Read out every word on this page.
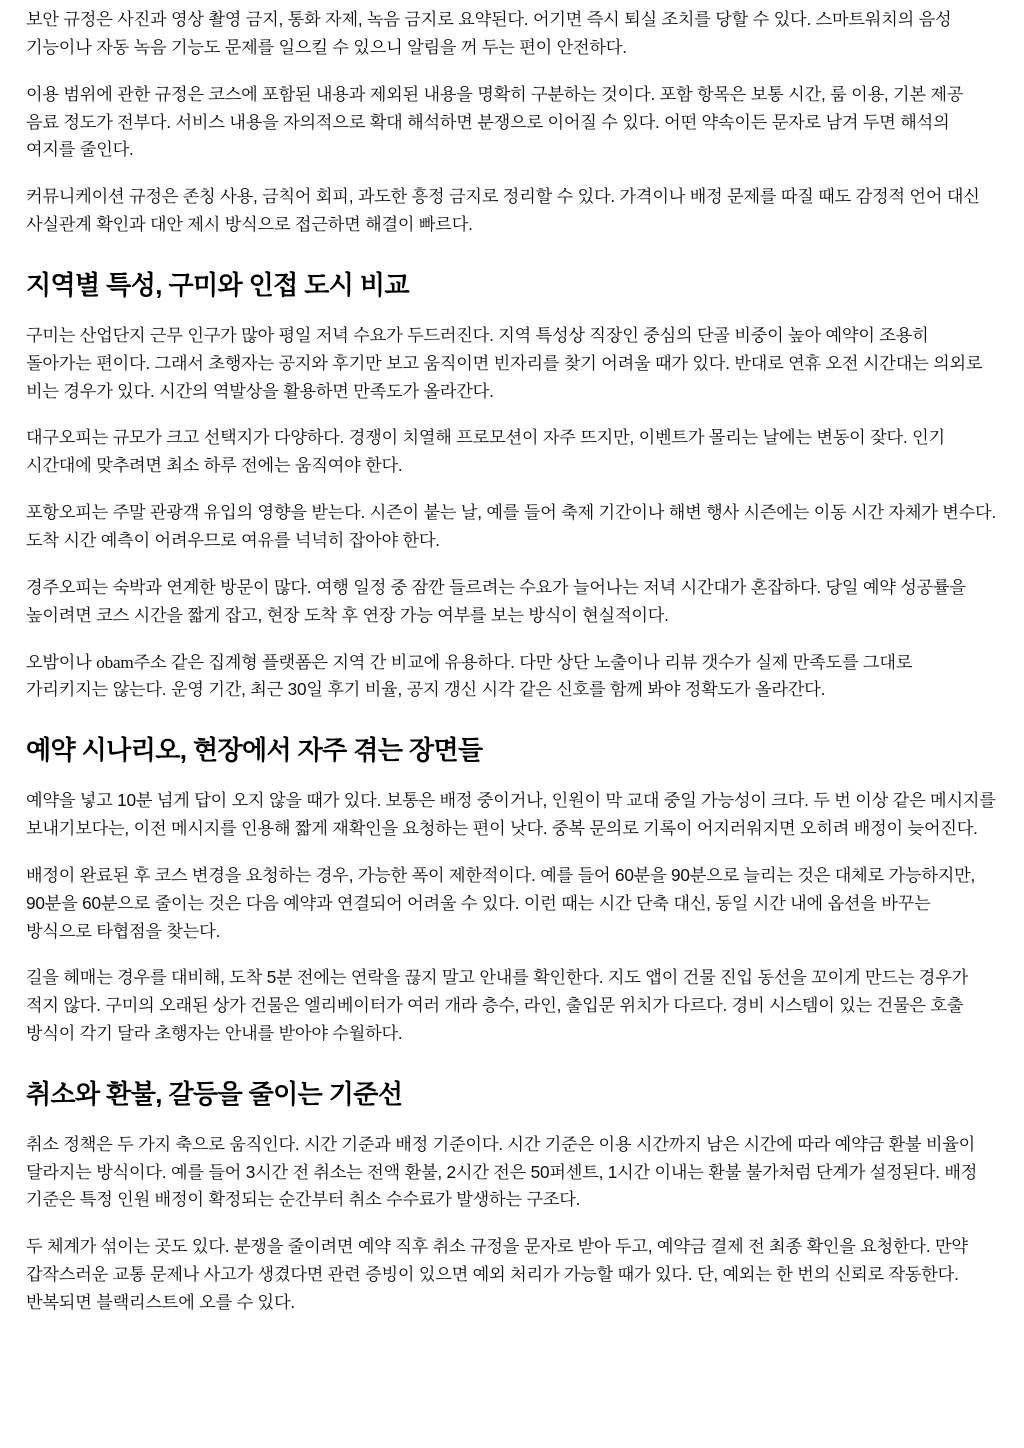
보안 규정은 사진과 영상 촬영 금지, 통화 자제, 녹음 금지로 요약된다. 어기면 즉시 퇴실 조치를 당할 수 있다. 스마트워치의 음성 기능이나 자동 녹음 기능도 문제를 일으킬 수 있으니 알림을 꺼 두는 편이 안전하다.

이용 범위에 관한 규정은 코스에 포함된 내용과 제외된 내용을 명확히 구분하는 것이다. 포함 항목은 보통 시간, 룸 이용, 기본 제공 음료 정도가 전부다. 서비스 내용을 자의적으로 확대 해석하면 분쟁으로 이어질 수 있다. 어떤 약속이든 문자로 남겨 두면 해석의 여지를 줄인다.

커뮤니케이션 규정은 존칭 사용, 금칙어 회피, 과도한 흥정 금지로 정리할 수 있다. 가격이나 배정 문제를 따질 때도 감정적 언어 대신 사실관계 확인과 대안 제시 방식으로 접근하면 해결이 빠르다.

지역별 특성, 구미와 인접 도시 비교

구미는 산업단지 근무 인구가 많아 평일 저녁 수요가 두드러진다. 지역 특성상 직장인 중심의 단골 비중이 높아 예약이 조용히 돌아가는 편이다. 그래서 초행자는 공지와 후기만 보고 움직이면 빈자리를 찾기 어려울 때가 있다. 반대로 연휴 오전 시간대는 의외로 비는 경우가 있다. 시간의 역발상을 활용하면 만족도가 올라간다.

대구오피는 규모가 크고 선택지가 다양하다. 경쟁이 치열해 프로모션이 자주 뜨지만, 이벤트가 몰리는 날에는 변동이 잦다. 인기 시간대에 맞추려면 최소 하루 전에는 움직여야 한다.

포항오피는 주말 관광객 유입의 영향을 받는다. 시즌이 붙는 날, 예를 들어 축제 기간이나 해변 행사 시즌에는 이동 시간 자체가 변수다. 도착 시간 예측이 어려우므로 여유를 넉넉히 잡아야 한다.

경주오피는 숙박과 연계한 방문이 많다. 여행 일정 중 잠깐 들르려는 수요가 늘어나는 저녁 시간대가 혼잡하다. 당일 예약 성공률을 높이려면 코스 시간을 짧게 잡고, 현장 도착 후 연장 가능 여부를 보는 방식이 현실적이다.

오밤이나 obam주소 같은 집계형 플랫폼은 지역 간 비교에 유용하다. 다만 상단 노출이나 리뷰 갯수가 실제 만족도를 그대로 가리키지는 않는다. 운영 기간, 최근 30일 후기 비율, 공지 갱신 시각 같은 신호를 함께 봐야 정확도가 올라간다.

예약 시나리오, 현장에서 자주 겪는 장면들

예약을 넣고 10분 넘게 답이 오지 않을 때가 있다. 보통은 배정 중이거나, 인원이 막 교대 중일 가능성이 크다. 두 번 이상 같은 메시지를 보내기보다는, 이전 메시지를 인용해 짧게 재확인을 요청하는 편이 낫다. 중복 문의로 기록이 어지러워지면 오히려 배정이 늦어진다.

배정이 완료된 후 코스 변경을 요청하는 경우, 가능한 폭이 제한적이다. 예를 들어 60분을 90분으로 늘리는 것은 대체로 가능하지만, 90분을 60분으로 줄이는 것은 다음 예약과 연결되어 어려울 수 있다. 이런 때는 시간 단축 대신, 동일 시간 내에 옵션을 바꾸는 방식으로 타협점을 찾는다.

길을 헤매는 경우를 대비해, 도착 5분 전에는 연락을 끊지 말고 안내를 확인한다. 지도 앱이 건물 진입 동선을 꼬이게 만드는 경우가 적지 않다. 구미의 오래된 상가 건물은 엘리베이터가 여러 개라 층수, 라인, 출입문 위치가 다르다. 경비 시스템이 있는 건물은 호출 방식이 각기 달라 초행자는 안내를 받아야 수월하다.

취소와 환불, 갈등을 줄이는 기준선

취소 정책은 두 가지 축으로 움직인다. 시간 기준과 배정 기준이다. 시간 기준은 이용 시간까지 남은 시간에 따라 예약금 환불 비율이 달라지는 방식이다. 예를 들어 3시간 전 취소는 전액 환불, 2시간 전은 50퍼센트, 1시간 이내는 환불 불가처럼 단계가 설정된다. 배정 기준은 특정 인원 배정이 확정되는 순간부터 취소 수수료가 발생하는 구조다.

두 체계가 섞이는 곳도 있다. 분쟁을 줄이려면 예약 직후 취소 규정을 문자로 받아 두고, 예약금 결제 전 최종 확인을 요청한다. 만약 갑작스러운 교통 문제나 사고가 생겼다면 관련 증빙이 있으면 예외 처리가 가능할 때가 있다. 단, 예외는 한 번의 신뢰로 작동한다. 반복되면 블랙리스트에 오를 수 있다.
